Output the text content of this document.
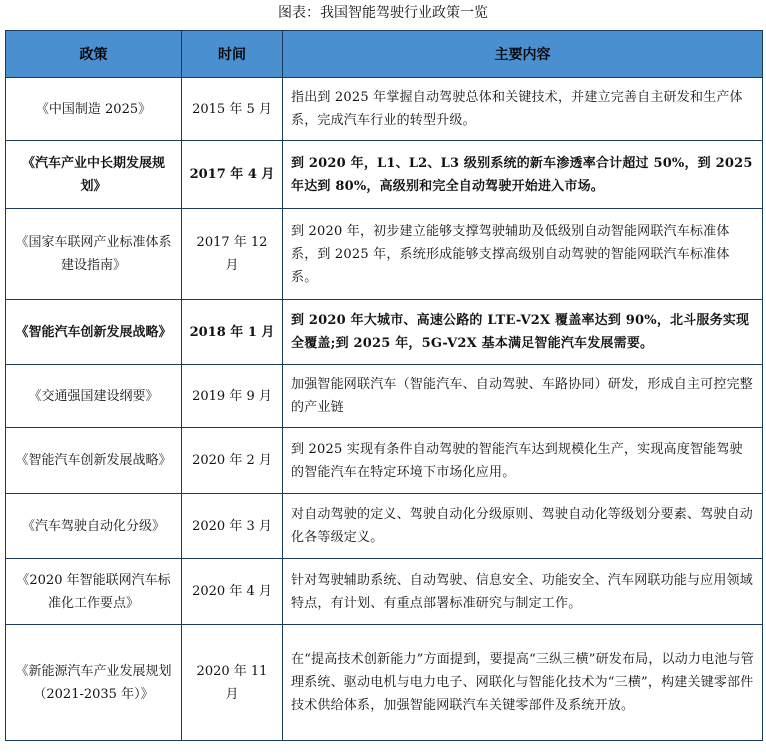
图表：我国智能驾驶行业政策一览
政策	时间	主要内容
《中国制造 2025》	2015 年 5 月	指出到 2025 年掌握自动驾驶总体和关键技术，并建立完善自主研发和生产体系，完成汽车行业的转型升级。
《汽车产业中长期发展规划》	2017 年 4 月	到 2020 年，L1、L2、L3 级别系统的新车渗透率合计超过 50%，到 2025 年达到 80%，高级别和完全自动驾驶开始进入市场。
《国家车联网产业标准体系建设指南》	2017 年 12 月	到 2020 年，初步建立能够支撑驾驶辅助及低级别自动智能网联汽车标准体系，到 2025 年，系统形成能够支撑高级别自动驾驶的智能网联汽车标准体系。
《智能汽车创新发展战略》	2018 年 1 月	到 2020 年大城市、高速公路的 LTE-V2X 覆盖率达到 90%，北斗服务实现全覆盖;到 2025 年，5G-V2X 基本满足智能汽车发展需要。
《交通强国建设纲要》	2019 年 9 月	加强智能网联汽车（智能汽车、自动驾驶、车路协同）研发，形成自主可控完整的产业链
《智能汽车创新发展战略》	2020 年 2 月	到 2025 实现有条件自动驾驶的智能汽车达到规模化生产，实现高度智能驾驶的智能汽车在特定环境下市场化应用。
《汽车驾驶自动化分级》	2020 年 3 月	对自动驾驶的定义、驾驶自动化分级原则、驾驶自动化等级划分要素、驾驶自动化各等级定义。
《2020 年智能联网汽车标准化工作要点》	2020 年 4 月	针对驾驶辅助系统、自动驾驶、信息安全、功能安全、汽车网联功能与应用领域特点，有计划、有重点部署标准研究与制定工作。
《新能源汽车产业发展规划（2021-2035 年）》	2020 年 11 月	在“提高技术创新能力”方面提到，要提高“三纵三横”研发布局，以动力电池与管理系统、驱动电机与电力电子、网联化与智能化技术为“三横”，构建关键零部件技术供给体系，加强智能网联汽车关键零部件及系统开放。
